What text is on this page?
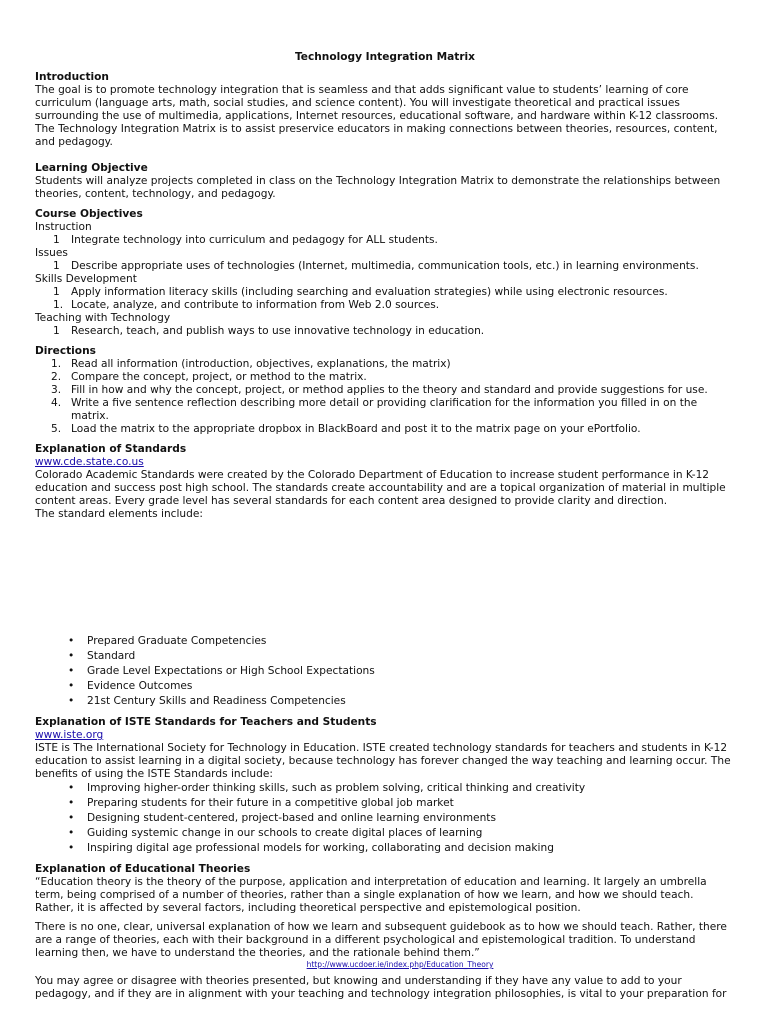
Technology Integration Matrix
Introduction

The goal is to promote technology integration that is seamless and that adds significant value to students’ learning of core curriculum (language arts, math, social studies, and science content). You will investigate theoretical and practical issues surrounding the use of multimedia, applications, Internet resources, educational software, and hardware within K-12 classrooms. The Technology Integration Matrix is to assist preservice educators in making connections between theories, resources, content, and pedagogy.

Learning Objective

Students will analyze projects completed in class on the Technology Integration Matrix to demonstrate the relationships between theories, content, technology, and pedagogy.

Course Objectives

Instruction

1 Integrate technology into curriculum and pedagogy for ALL students.

Issues

1 Describe appropriate uses of technologies (Internet, multimedia, communication tools, etc.) in learning environments.

Skills Development

1 Apply information literacy skills (including searching and evaluation strategies) while using electronic resources.
1. Locate, analyze, and contribute to information from Web 2.0 sources.

Teaching with Technology

1 Research, teach, and publish ways to use innovative technology in education.
Directions
1. Read all information (introduction, objectives, explanations, the matrix)
2. Compare the concept, project, or method to the matrix.
3. Fill in how and why the concept, project, or method applies to the theory and standard and provide suggestions for use.
4. Write a five sentence reflection describing more detail or providing clarification for the information you filled in on the matrix.
5. Load the matrix to the appropriate dropbox in BlackBoard and post it to the matrix page on your ePortfolio.
Explanation of Standards
www.cde.state.co.us

Colorado Academic Standards were created by the Colorado Department of Education to increase student performance in K-12 education and success post high school. The standards create accountability and are a topical organization of material in multiple content areas. Every grade level has several standards for each content area designed to provide clarity and direction.

The standard elements include:

• Prepared Graduate Competencies
• Standard
• Grade Level Expectations or High School Expectations
• Evidence Outcomes
• 21st Century Skills and Readiness Competencies
Explanation of ISTE Standards for Teachers and Students
www.iste.org

ISTE is The International Society for Technology in Education. ISTE created technology standards for teachers and students in K-12 education to assist learning in a digital society, because technology has forever changed the way teaching and learning occur. The benefits of using the ISTE Standards include:

• Improving higher-order thinking skills, such as problem solving, critical thinking and creativity
• Preparing students for their future in a competitive global job market
• Designing student-centered, project-based and online learning environments
• Guiding systemic change in our schools to create digital places of learning
• Inspiring digital age professional models for working, collaborating and decision making
Explanation of Educational Theories

“Education theory is the theory of the purpose, application and interpretation of education and learning. It largely an umbrella term, being comprised of a number of theories, rather than a single explanation of how we learn, and how we should teach. Rather, it is affected by several factors, including theoretical perspective and epistemological position.

There is no one, clear, universal explanation of how we learn and subsequent guidebook as to how we should teach. Rather, there are a range of theories, each with their background in a different psychological and epistemological tradition. To understand learning then, we have to understand the theories, and the rationale behind them.”

http://www.ucdoer.ie/index.php/Education_Theory

You may agree or disagree with theories presented, but knowing and understanding if they have any value to add to your pedagogy, and if they are in alignment with your teaching and technology integration philosophies, is vital to your preparation for
